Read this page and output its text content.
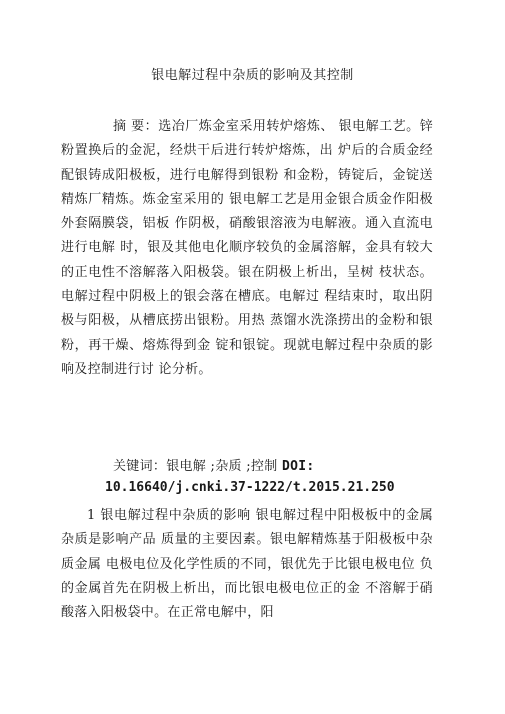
银电解过程中杂质的影响及其控制

摘 要：选冶厂炼金室采用转炉熔炼、 银电解工艺。锌粉置换后的金泥，经烘干后进行转炉熔炼，出 炉后的合质金经配银铸成阳极板，进行电解得到银粉 和金粉，铸锭后，金锭送精炼厂精炼。炼金室采用的 银电解工艺是用金银合质金作阳极外套隔膜袋，铝板 作阴极，硝酸银溶液为电解液。通入直流电进行电解 时，银及其他电化顺序较负的金属溶解，金具有较大 的正电性不溶解落入阳极袋。银在阴极上析出，呈树 枝状态。电解过程中阴极上的银会落在槽底。电解过 程结束时，取出阴极与阳极，从槽底捞出银粉。用热 蒸馏水洗涤捞出的金粉和银粉，再干燥、熔炼得到金 锭和银锭。现就电解过程中杂质的影响及控制进行讨 论分析。

关键词：银电解 ;杂质 ;控制 DOI:

10.16640/j.cnki.37-1222/t.2015.21.250

1 银电解过程中杂质的影响 银电解过程中阳极板中的金属杂质是影响产品 质量的主要因素。银电解精炼基于阳极板中杂质金属 电极电位及化学性质的不同，银优先于比银电极电位 负的金属首先在阴极上析出，而比银电极电位正的金 不溶解于硝酸落入阳极袋中。在正常电解中，阳
